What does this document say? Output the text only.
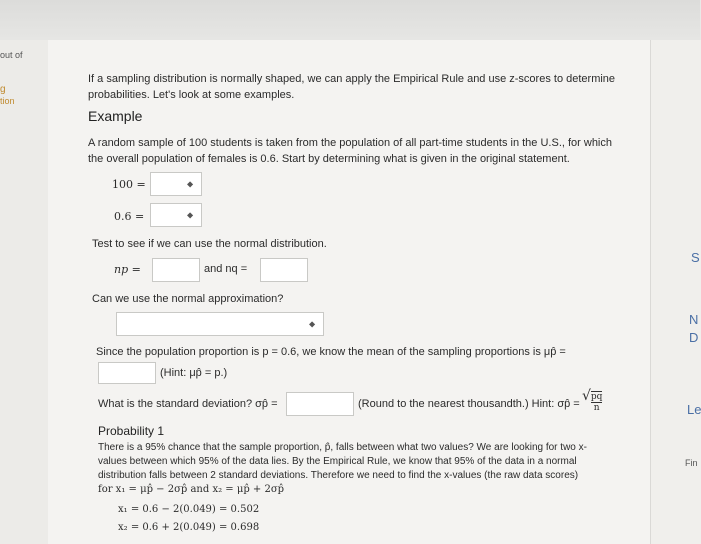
out of
g
tion
If a sampling distribution is normally shaped, we can apply the Empirical Rule and use z-scores to determine
probabilities. Let's look at some examples.
Example
A random sample of 100 students is taken from the population of all part-time students in the U.S., for which
the overall population of females is 0.6. Start by determining what is given in the original statement.
100 =	◆
0.6 =	◆
Test to see if we can use the normal distribution.
np =	and nq =
Can we use the normal approximation?
◆
Since the population proportion is p = 0.6, we know the mean of the sampling proportions is μp̂ =
(Hint: μp̂ = p.)
What is the standard deviation? σp̂ =	(Round to the nearest thousandth.) Hint: σp̂ = √ $\frac{pq}{n}$
Probability 1
There is a 95% chance that the sample proportion, p̂, falls between what two values? We are looking for two x-
values between which 95% of the data lies. By the Empirical Rule, we know that 95% of the data in a normal
distribution falls between 2 standard deviations. Therefore we need to find the x-values (the raw data scores)
for x₁ = μp̂ − 2σp̂ and x₂ = μp̂ + 2σp̂
x₁ = 0.6 − 2(0.049) = 0.502
x₂ = 0.6 + 2(0.049) = 0.698
S
N
D
Le
Fin
